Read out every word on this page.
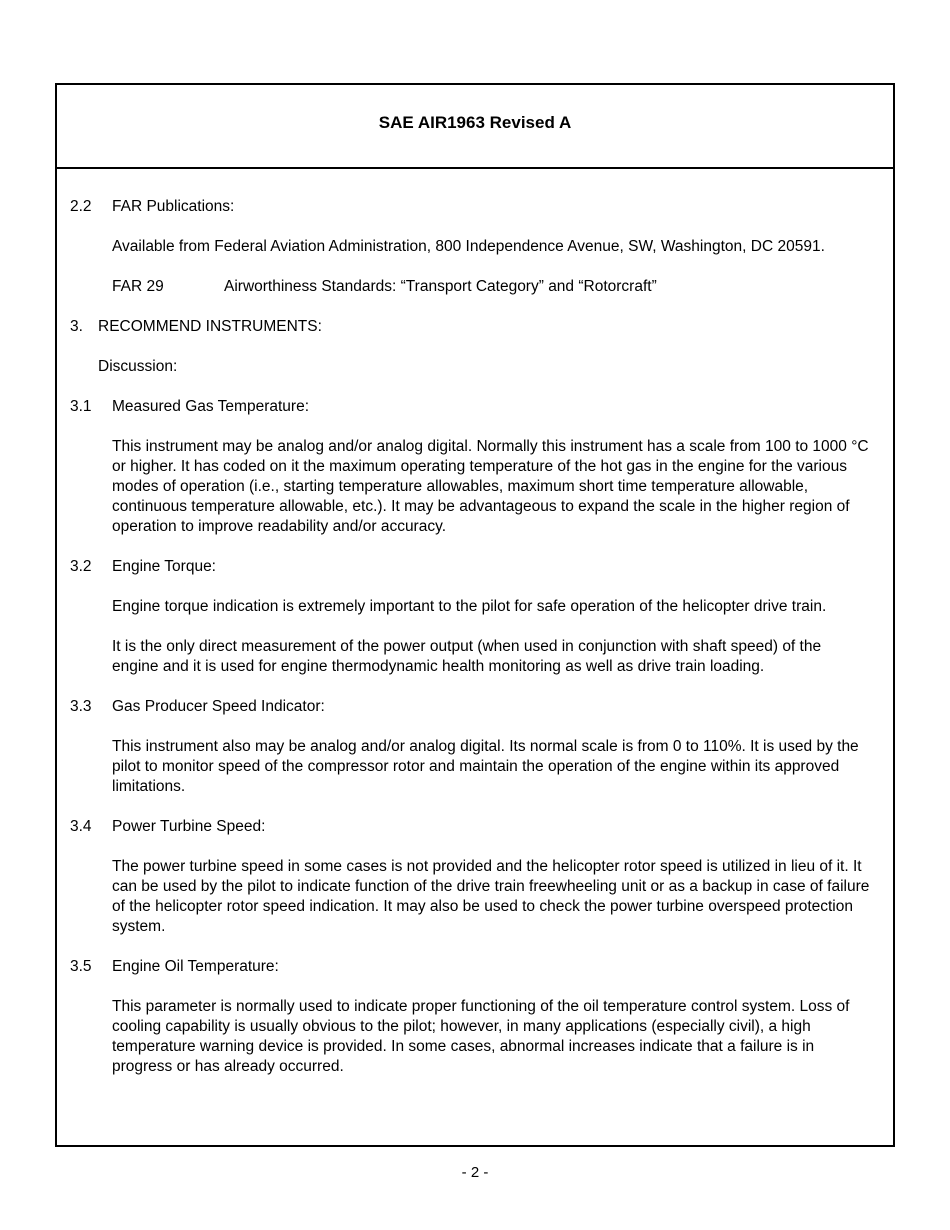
SAE AIR1963 Revised A
2.2	FAR Publications:

Available from Federal Aviation Administration, 800 Independence Avenue, SW, Washington, DC 20591.

FAR 29	Airworthiness Standards: “Transport Category” and “Rotorcraft”
3. RECOMMEND INSTRUMENTS:

Discussion:

3.1	Measured Gas Temperature:

This instrument may be analog and/or analog digital. Normally this instrument has a scale from 100 to 1000 °C or higher. It has coded on it the maximum operating temperature of the hot gas in the engine for the various modes of operation (i.e., starting temperature allowables, maximum short time temperature allowable, continuous temperature allowable, etc.). It may be advantageous to expand the scale in the higher region of operation to improve readability and/or accuracy.

3.2	Engine Torque:

Engine torque indication is extremely important to the pilot for safe operation of the helicopter drive train.

It is the only direct measurement of the power output (when used in conjunction with shaft speed) of the engine and it is used for engine thermodynamic health monitoring as well as drive train loading.

3.3	Gas Producer Speed Indicator:

This instrument also may be analog and/or analog digital. Its normal scale is from 0 to 110%. It is used by the pilot to monitor speed of the compressor rotor and maintain the operation of the engine within its approved limitations.

3.4	Power Turbine Speed:

The power turbine speed in some cases is not provided and the helicopter rotor speed is utilized in lieu of it. It can be used by the pilot to indicate function of the drive train freewheeling unit or as a backup in case of failure of the helicopter rotor speed indication. It may also be used to check the power turbine overspeed protection system.

3.5	Engine Oil Temperature:

This parameter is normally used to indicate proper functioning of the oil temperature control system. Loss of cooling capability is usually obvious to the pilot; however, in many applications (especially civil), a high temperature warning device is provided. In some cases, abnormal increases indicate that a failure is in progress or has already occurred.

- 2 -
